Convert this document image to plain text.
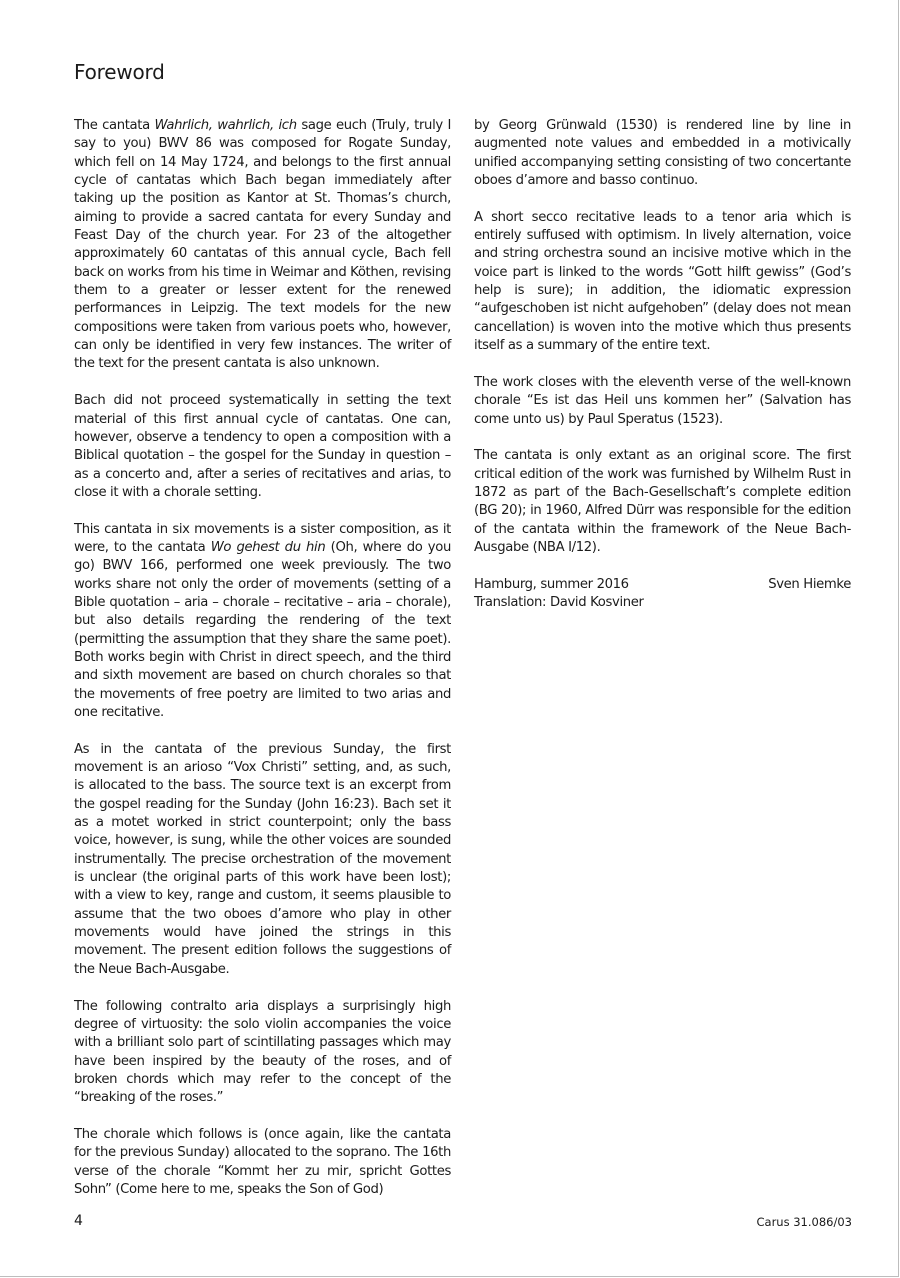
Foreword

The cantata Wahrlich, wahrlich, ich sage euch (Truly, truly I say to you) BWV 86 was composed for Rogate Sunday, which fell on 14 May 1724, and belongs to the first annual cycle of cantatas which Bach began immediately after taking up the position as Kantor at St. Thomas’s church, aiming to provide a sacred cantata for every Sunday and Feast Day of the church year. For 23 of the altogether approximately 60 cantatas of this annual cycle, Bach fell back on works from his time in Weimar and Köthen, revising them to a greater or lesser extent for the renewed performances in Leipzig. The text models for the new compositions were taken from various poets who, however, can only be identified in very few instances. The writer of the text for the present cantata is also unknown.

Bach did not proceed systematically in setting the text material of this first annual cycle of cantatas. One can, however, observe a tendency to open a composition with a Biblical quotation – the gospel for the Sunday in question – as a concerto and, after a series of recitatives and arias, to close it with a chorale setting.

This cantata in six movements is a sister composition, as it were, to the cantata Wo gehest du hin (Oh, where do you go) BWV 166, performed one week previously. The two works share not only the order of movements (setting of a Bible quotation – aria – chorale – recitative – aria – chorale), but also details regarding the rendering of the text (permitting the assumption that they share the same poet). Both works begin with Christ in direct speech, and the third and sixth movement are based on church chorales so that the movements of free poetry are limited to two arias and one recitative.

As in the cantata of the previous Sunday, the first movement is an arioso “Vox Christi” setting, and, as such, is allocated to the bass. The source text is an excerpt from the gospel reading for the Sunday (John 16:23). Bach set it as a motet worked in strict counterpoint; only the bass voice, however, is sung, while the other voices are sounded instrumentally. The precise orchestration of the movement is unclear (the original parts of this work have been lost); with a view to key, range and custom, it seems plausible to assume that the two oboes d’amore who play in other movements would have joined the strings in this movement. The present edition follows the suggestions of the Neue Bach-Ausgabe.

The following contralto aria displays a surprisingly high degree of virtuosity: the solo violin accompanies the voice with a brilliant solo part of scintillating passages which may have been inspired by the beauty of the roses, and of broken chords which may refer to the concept of the “breaking of the roses.”

The chorale which follows is (once again, like the cantata for the previous Sunday) allocated to the soprano. The 16th verse of the chorale “Kommt her zu mir, spricht Gottes Sohn” (Come here to me, speaks the Son of God)

by Georg Grünwald (1530) is rendered line by line in augmented note values and embedded in a motivically unified accompanying setting consisting of two concertante oboes d’amore and basso continuo.

A short secco recitative leads to a tenor aria which is entirely suffused with optimism. In lively alternation, voice and string orchestra sound an incisive motive which in the voice part is linked to the words “Gott hilft gewiss” (God’s help is sure); in addition, the idiomatic expression “aufgeschoben ist nicht aufgehoben” (delay does not mean cancellation) is woven into the motive which thus presents itself as a summary of the entire text.

The work closes with the eleventh verse of the well-known chorale “Es ist das Heil uns kommen her” (Salvation has come unto us) by Paul Speratus (1523).

The cantata is only extant as an original score. The first critical edition of the work was furnished by Wilhelm Rust in 1872 as part of the Bach-Gesellschaft’s complete edition (BG 20); in 1960, Alfred Dürr was responsible for the edition of the cantata within the framework of the Neue Bach-Ausgabe (NBA I/12).

Hamburg, summer 2016	Sven Hiemke

Translation: David Kosviner

4	Carus 31.086/03
